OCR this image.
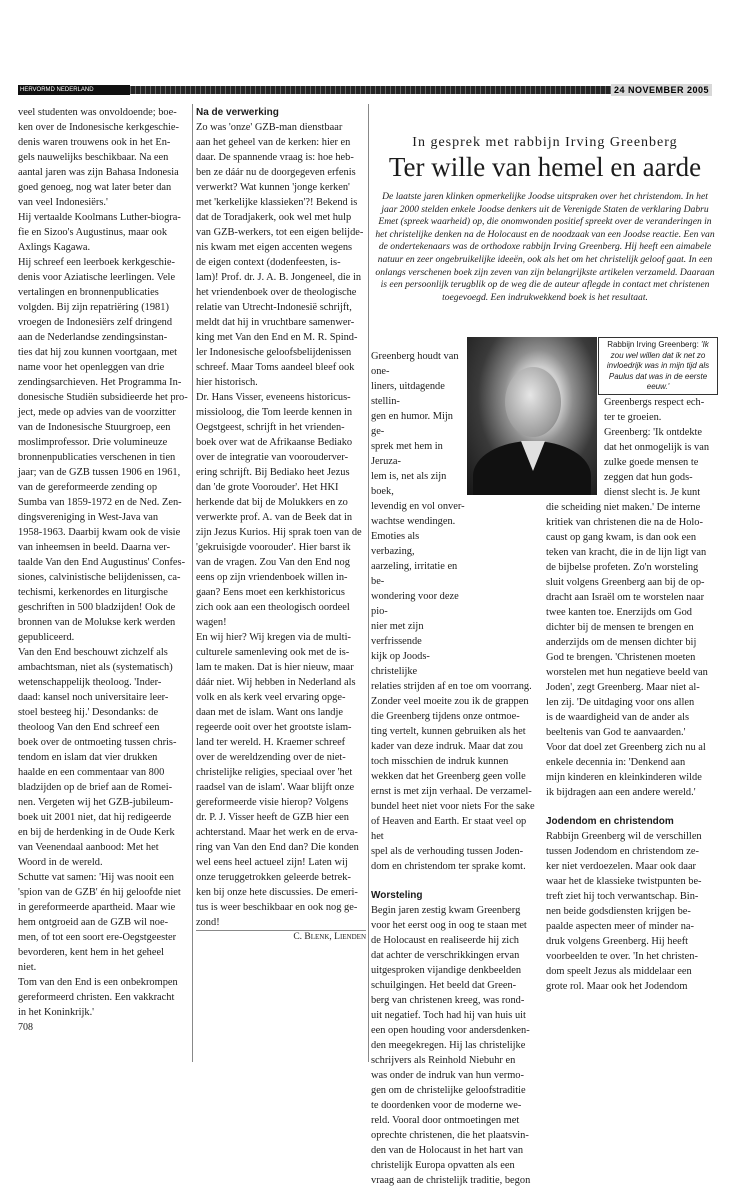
HERVORMD NEDERLAND	24 NOVEMBER 2005
veel studenten was onvoldoende; boe-
ken over de Indonesische kerkgeschie-
denis waren trouwens ook in het En-
gels nauwelijks beschikbaar. Na een
aantal jaren was zijn Bahasa Indonesia
goed genoeg, nog wat later beter dan
van veel Indonesiërs.'
Hij vertaalde Koolmans Luther-biogra-
fie en Sizoo's Augustinus, maar ook
Axlings Kagawa.
Hij schreef een leerboek kerkgeschie-
denis voor Aziatische leerlingen. Vele
vertalingen en bronnenpublicaties
volgden. Bij zijn repatriëring (1981)
vroegen de Indonesiërs zelf dringend
aan de Nederlandse zendingsinstan-
ties dat hij zou kunnen voortgaan, met
name voor het openleggen van drie
zendingsarchieven. Het Programma In-
donesische Studiën subsidieerde het pro-
ject, mede op advies van de voorzitter
van de Indonesische Stuurgroep, een
moslimprofessor. Drie volumineuze
bronnenpublicaties verschenen in tien
jaar; van de GZB tussen 1906 en 1961,
van de gereformeerde zending op
Sumba van 1859-1972 en de Ned. Zen-
dingsvereniging in West-Java van
1958-1963. Daarbij kwam ook de visie
van inheemsen in beeld. Daarna ver-
taalde Van den End Augustinus' Confes-
siones, calvinistische belijdenissen, ca-
techismi, kerkenordes en liturgische
geschriften in 500 bladzijden! Ook de
bronnen van de Molukse kerk werden
gepubliceerd.
Van den End beschouwt zichzelf als
ambachtsman, niet als (systematisch)
wetenschappelijk theoloog. 'Inder-
daad: kansel noch universitaire leer-
stoel besteeg hij.' Desondanks: de
theoloog Van den End schreef een
boek over de ontmoeting tussen chris-
tendom en islam dat vier drukken
haalde en een commentaar van 800
bladzijden op de brief aan de Romei-
nen. Vergeten wij het GZB-jubileum-
boek uit 2001 niet, dat hij redigeerde
en bij de herdenking in de Oude Kerk
van Veenendaal aanbood: Met het
Woord in de wereld.
Schutte vat samen: 'Hij was nooit een
'spion van de GZB' én hij geloofde niet
in gereformeerde apartheid. Maar wie
hem ontgroeid aan de GZB wil noe-
men, of tot een soort ere-Oegstgeester
bevorderen, kent hem in het geheel
niet.
Tom van den End is een onbekrompen
gereformeerd christen. Een vakkracht
in het Koninkrijk.'

708

Na de verwerking

Zo was 'onze' GZB-man dienstbaar
aan het geheel van de kerken: hier en
daar. De spannende vraag is: hoe heb-
ben ze dáár nu de doorgegeven erfenis
verwerkt? Wat kunnen 'jonge kerken'
met 'kerkelijke klassieken'?! Bekend is
dat de Toradjakerk, ook wel met hulp
van GZB-werkers, tot een eigen belijde-
nis kwam met eigen accenten wegens
de eigen context (dodenfeesten, is-
lam)! Prof. dr. J. A. B. Jongeneel, die in
het vriendenboek over de theologische
relatie van Utrecht-Indonesië schrijft,
meldt dat hij in vruchtbare samenwer-
king met Van den End en M. R. Spind-
ler Indonesische geloofsbelijdenissen
schreef. Maar Toms aandeel bleef ook
hier historisch.
Dr. Hans Visser, eveneens historicus-
missioloog, die Tom leerde kennen in
Oegstgeest, schrijft in het vrienden-
boek over wat de Afrikaanse Bediako
over de integratie van voorouderver-
ering schrijft. Bij Bediako heet Jezus
dan 'de grote Voorouder'. Het HKI
herkende dat bij de Molukkers en zo
verwerkte prof. A. van de Beek dat in
zijn Jezus Kurios. Hij sprak toen van de
'gekruisigde voorouder'. Hier barst ik
van de vragen. Zou Van den End nog
eens op zijn vriendenboek willen in-
gaan? Eens moet een kerkhistoricus
zich ook aan een theologisch oordeel
wagen!
En wij hier? Wij kregen via de multi-
culturele samenleving ook met de is-
lam te maken. Dat is hier nieuw, maar
dáár niet. Wij hebben in Nederland als
volk en als kerk veel ervaring opge-
daan met de islam. Want ons landje
regeerde ooit over het grootste islam-
land ter wereld. H. Kraemer schreef
over de wereldzending over de niet-
christelijke religies, speciaal over 'het
raadsel van de islam'. Waar blijft onze
gereformeerde visie hierop? Volgens
dr. P. J. Visser heeft de GZB hier een
achterstand. Maar het werk en de erva-
ring van Van den End dan? Die konden
wel eens heel actueel zijn! Laten wij
onze teruggetrokken geleerde betrek-
ken bij onze hete discussies. De emeri-
tus is weer beschikbaar en ook nog ge-
zond!

C. Blenk, Lienden

In gesprek met rabbijn Irving Greenberg
Ter wille van hemel en aarde
De laatste jaren klinken opmerkelijke Joodse uitspraken over het christendom. In het jaar 2000 stelden enkele Joodse denkers uit de Verenigde Staten de verklaring Dabru Emet (spreek waarheid) op, die onomwonden positief spreekt over de veranderingen in het christelijke denken na de Holocaust en de noodzaak van een Joodse reactie. Een van de ondertekenaars was de orthodoxe rabbijn Irving Greenberg. Hij heeft een aimabele natuur en zeer ongebruikelijke ideeën, ook als het om het christelijk geloof gaat. In een onlangs verschenen boek zijn zeven van zijn belangrijkste artikelen verzameld. Daaraan is een persoonlijk terugblik op de weg die de auteur aflegde in contact met christenen toegevoegd. Een indrukwekkend boek is het resultaat.
Rabbijn Irving Greenberg: 'Ik zou wel willen dat ik net zo invloedrijk was in mijn tijd als Paulus dat was in de eerste eeuw.'
Greenberg houdt van one-
liners, uitdagende stellin-
gen en humor. Mijn ge-
sprek met hem in Jeruza-
lem is, net als zijn boek,
levendig en vol onver-
wachtse wendingen.
Emoties als verbazing,
aarzeling, irritatie en be-
wondering voor deze pio-
nier met zijn verfrissende
kijk op Joods-christelijke
relaties strijden af en toe om voorrang.
Zonder veel moeite zou ik de grappen
die Greenberg tijdens onze ontmoe-
ting vertelt, kunnen gebruiken als het
kader van deze indruk. Maar dat zou
toch misschien de indruk kunnen
wekken dat het Greenberg geen volle
ernst is met zijn verhaal. De verzamel-
bundel heet niet voor niets For the sake
of Heaven and Earth. Er staat veel op het
spel als de verhouding tussen Joden-
dom en christendom ter sprake komt.

Worsteling

Begin jaren zestig kwam Greenberg
voor het eerst oog in oog te staan met
de Holocaust en realiseerde hij zich
dat achter de verschrikkingen ervan
uitgesproken vijandige denkbeelden
schuilgingen. Het beeld dat Green-
berg van christenen kreeg, was rond-
uit negatief. Toch had hij van huis uit
een open houding voor andersdenken-
den meegekregen. Hij las christelijke
schrijvers als Reinhold Niebuhr en
was onder de indruk van hun vermo-
gen om de christelijke geloofstraditie
te doordenken voor de moderne we-
reld. Vooral door ontmoetingen met
oprechte christenen, die het plaatsvin-
den van de Holocaust in het hart van
christelijk Europa opvatten als een
vraag aan de christelijk traditie, begon
Greenbergs respect ech-
ter te groeien.
Greenberg: 'Ik ontdekte
dat het onmogelijk is van
zulke goede mensen te
zeggen dat hun gods-
dienst slecht is. Je kunt
die scheiding niet maken.' De interne
kritiek van christenen die na de Holo-
caust op gang kwam, is dan ook een
teken van kracht, die in de lijn ligt van
de bijbelse profeten. Zo'n worsteling
sluit volgens Greenberg aan bij de op-
dracht aan Israël om te worstelen naar
twee kanten toe. Enerzijds om God
dichter bij de mensen te brengen en
anderzijds om de mensen dichter bij
God te brengen. 'Christenen moeten
worstelen met hun negatieve beeld van
Joden', zegt Greenberg. Maar niet al-
len zij. 'De uitdaging voor ons allen
is de waardigheid van de ander als
beeltenis van God te aanvaarden.'
Voor dat doel zet Greenberg zich nu al
enkele decennia in: 'Denkend aan
mijn kinderen en kleinkinderen wilde
ik bijdragen aan een andere wereld.'

Jodendom en christendom

Rabbijn Greenberg wil de verschillen
tussen Jodendom en christendom ze-
ker niet verdoezelen. Maar ook daar
waar het de klassieke twistpunten be-
treft ziet hij toch verwantschap. Bin-
nen beide godsdiensten krijgen be-
paalde aspecten meer of minder na-
druk volgens Greenberg. Hij heeft
voorbeelden te over. 'In het christen-
dom speelt Jezus als middelaar een
grote rol. Maar ook het Jodendom
